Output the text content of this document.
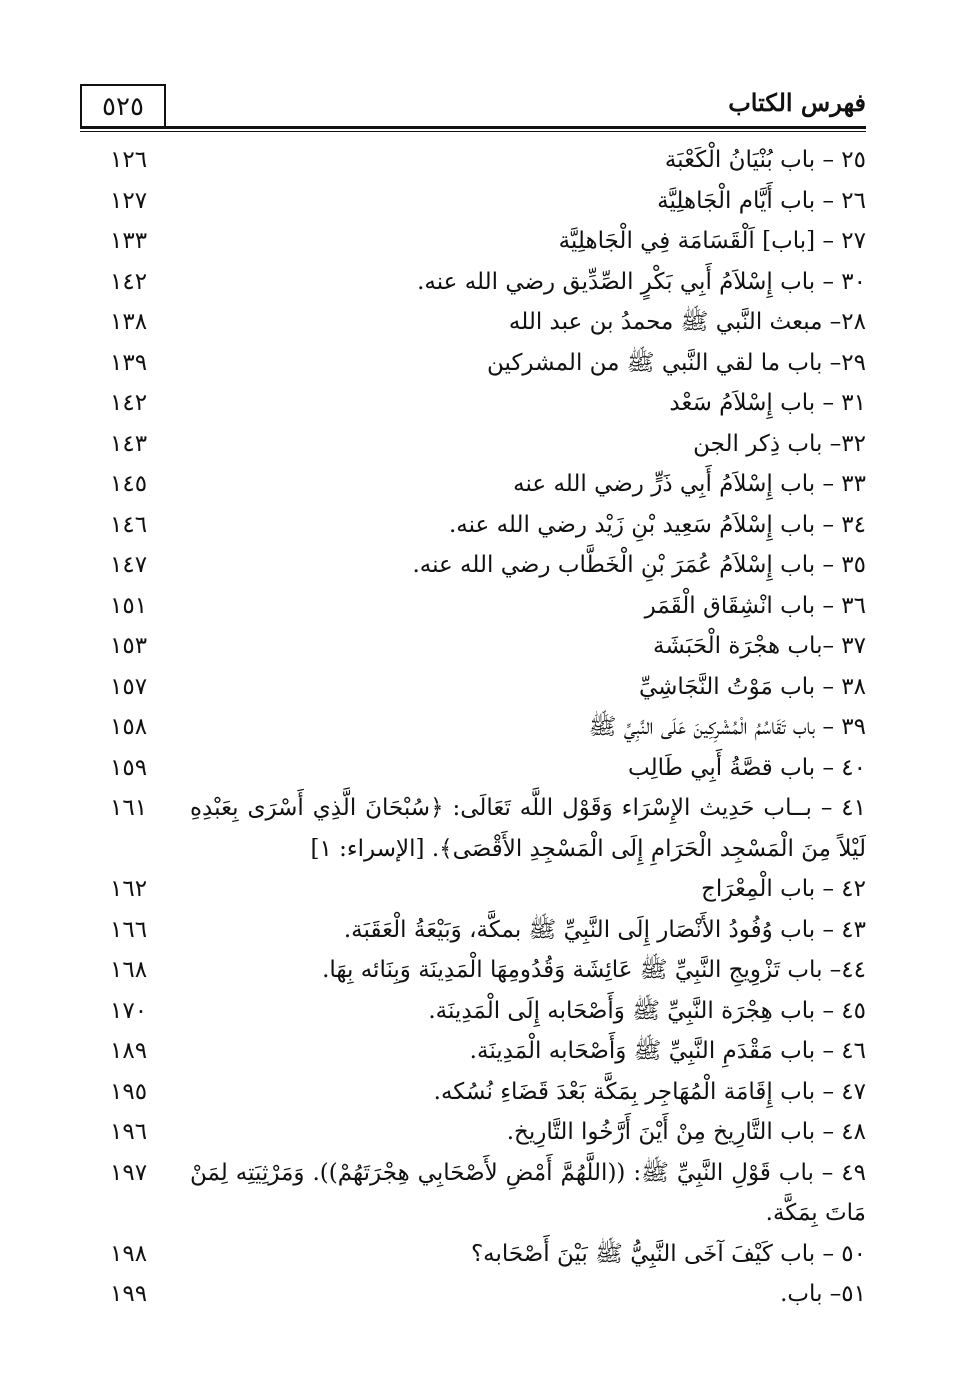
٥٢٥	فهرس الكتاب
٢٥ – باب بُنْيَانُ الْكَعْبَة
١٢٦
٢٦ – باب أَيَّام الْجَاهلِيَّة
١٢٧
٢٧ – [باب] اَلْقَسَامَة فِي الْجَاهلِيَّة
١٣٣
٣٠ – باب إِسْلاَمُ أَبِي بَكْرٍ الصِّدِّيق رضي الله عنه.
١٤٢
٢٨– مبعث النَّبي ﷺ محمدُ بن عبد الله
١٣٨
٢٩– باب ما لقي النَّبي ﷺ من المشركين
١٣٩
٣١ – باب إِسْلاَمُ سَعْد
١٤٢
٣٢– باب ذِكر الجن
١٤٣
٣٣ – باب إِسْلاَمُ أَبِي ذَرٍّ رضي الله عنه
١٤٥
٣٤ – باب إِسْلاَمُ سَعِيد بْنِ زَيْد رضي الله عنه.
١٤٦
٣٥ – باب إِسْلاَمُ عُمَرَ بْنِ الْخَطَّاب رضي الله عنه.
١٤٧
٣٦ – باب انْشِقَاق الْقَمَر
١٥١
٣٧ –باب هجْرَة الْحَبَشَة
١٥٣
٣٨ – باب مَوْتُ النَّجَاشِيِّ
١٥٧
٣٩ – باب تَقَاسُمُ الْمُشْرِكِينَ عَلَى النَّبِيِّ ﷺ
١٥٨
٤٠ – باب قصَّةُ أَبِي طَالِب
١٥٩
٤١ – بــاب حَدِيث الإِسْرَاء وَقَوْل اللَّه تَعَالَى: ﴿سُبْحَانَ الَّذِي أَسْرَى بِعَبْدِهِ لَيْلاً مِنَ الْمَسْجِد الْحَرَامِ إِلَى الْمَسْجِدِ الأَقْصَى﴾. [الإسراء: ١]
١٦١
٤٢ – باب الْمِعْرَاج
١٦٢
٤٣ – باب وُفُودُ الأَنْصَار إِلَى النَّبِيِّ ﷺ بمكَّة، وَبَيْعَةُ الْعَقَبَة.
١٦٦
٤٤– باب تَزْوِيجِ النَّبِيِّ ﷺ عَائِشَة وَقُدُومِهَا الْمَدِينَة وَبِنَائه بِهَا.
١٦٨
٤٥ – باب هِجْرَة النَّبِيِّ ﷺ وَأَصْحَابه إِلَى الْمَدِينَة.
١٧٠
٤٦ – باب مَقْدَمِ النَّبِيِّ ﷺ وَأَصْحَابه الْمَدِينَة.
١٨٩
٤٧ – باب إِقَامَة الْمُهَاجِر بِمَكَّة بَعْدَ قَضَاءِ نُسُكه.
١٩٥
٤٨ – باب التَّارِيخ مِنْ أَيْنَ أَرَّخُوا التَّارِيخ.
١٩٦
٤٩ – باب قَوْلِ النَّبِيِّ ﷺ: ((اللَّهُمَّ أَمْضِ لأَصْحَابِي هِجْرَتَهُمْ)). وَمَرْثِيَتِه لِمَنْ مَاتَ بِمَكَّة.
١٩٧
٥٠ – باب كَيْفَ آخَى النَّبِيُّ ﷺ بَيْنَ أَصْحَابه؟
١٩٨
٥١– باب.
١٩٩
